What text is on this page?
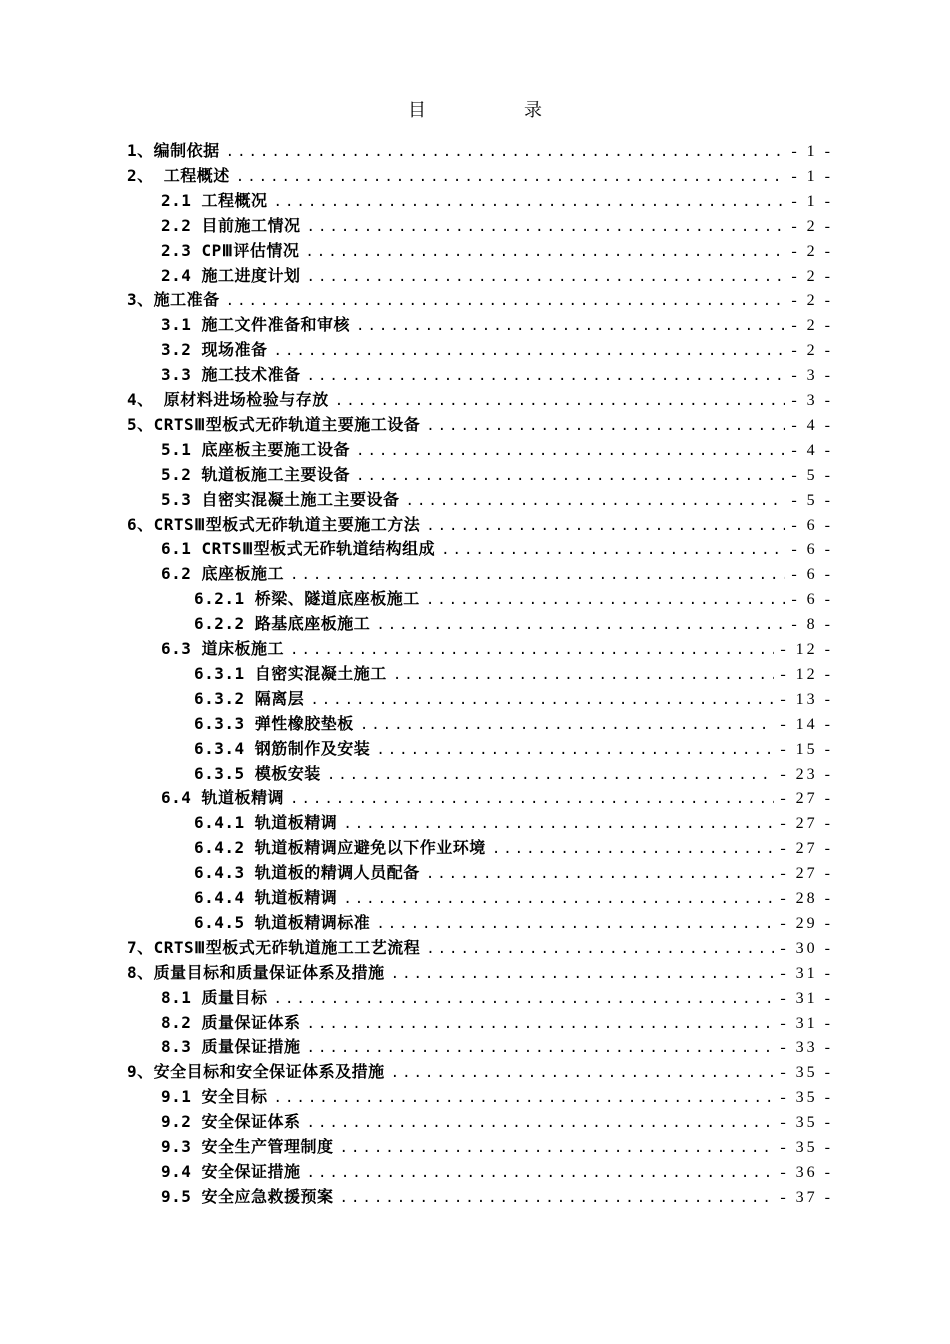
目　录
1、编制依据 .....	- 1 -
2、 工程概述 .....	- 1 -
2.1 工程概况 .....	- 1 -
2.2 目前施工情况 .....	- 2 -
2.3 CPⅢ评估情况 .....	- 2 -
2.4 施工进度计划 .....	- 2 -
3、施工准备 .....	- 2 -
3.1 施工文件准备和审核 .....	- 2 -
3.2 现场准备 .....	- 2 -
3.3 施工技术准备 .....	- 3 -
4、 原材料进场检验与存放 .....	- 3 -
5、CRTSⅢ型板式无砟轨道主要施工设备 .....	- 4 -
5.1 底座板主要施工设备 .....	- 4 -
5.2 轨道板施工主要设备 .....	- 5 -
5.3 自密实混凝土施工主要设备 .....	- 5 -
6、CRTSⅢ型板式无砟轨道主要施工方法 .....	- 6 -
6.1 CRTSⅢ型板式无砟轨道结构组成 .....	- 6 -
6.2 底座板施工 .....	- 6 -
6.2.1 桥梁、隧道底座板施工 .....	- 6 -
6.2.2 路基底座板施工 .....	- 8 -
6.3 道床板施工 .....	- 12 -
6.3.1 自密实混凝土施工 .....	- 12 -
6.3.2 隔离层 .....	- 13 -
6.3.3 弹性橡胶垫板 .....	- 14 -
6.3.4 钢筋制作及安装 .....	- 15 -
6.3.5 模板安装 .....	- 23 -
6.4 轨道板精调 .....	- 27 -
6.4.1 轨道板精调 .....	- 27 -
6.4.2 轨道板精调应避免以下作业环境 .....	- 27 -
6.4.3 轨道板的精调人员配备 .....	- 27 -
6.4.4 轨道板精调 .....	- 28 -
6.4.5 轨道板精调标准 .....	- 29 -
7、CRTSⅢ型板式无砟轨道施工工艺流程 .....	- 30 -
8、质量目标和质量保证体系及措施 .....	- 31 -
8.1 质量目标 .....	- 31 -
8.2 质量保证体系 .....	- 31 -
8.3 质量保证措施 .....	- 33 -
9、安全目标和安全保证体系及措施 .....	- 35 -
9.1 安全目标 .....	- 35 -
9.2 安全保证体系 .....	- 35 -
9.3 安全生产管理制度 .....	- 35 -
9.4 安全保证措施 .....	- 36 -
9.5 安全应急救援预案 .....	- 37 -
